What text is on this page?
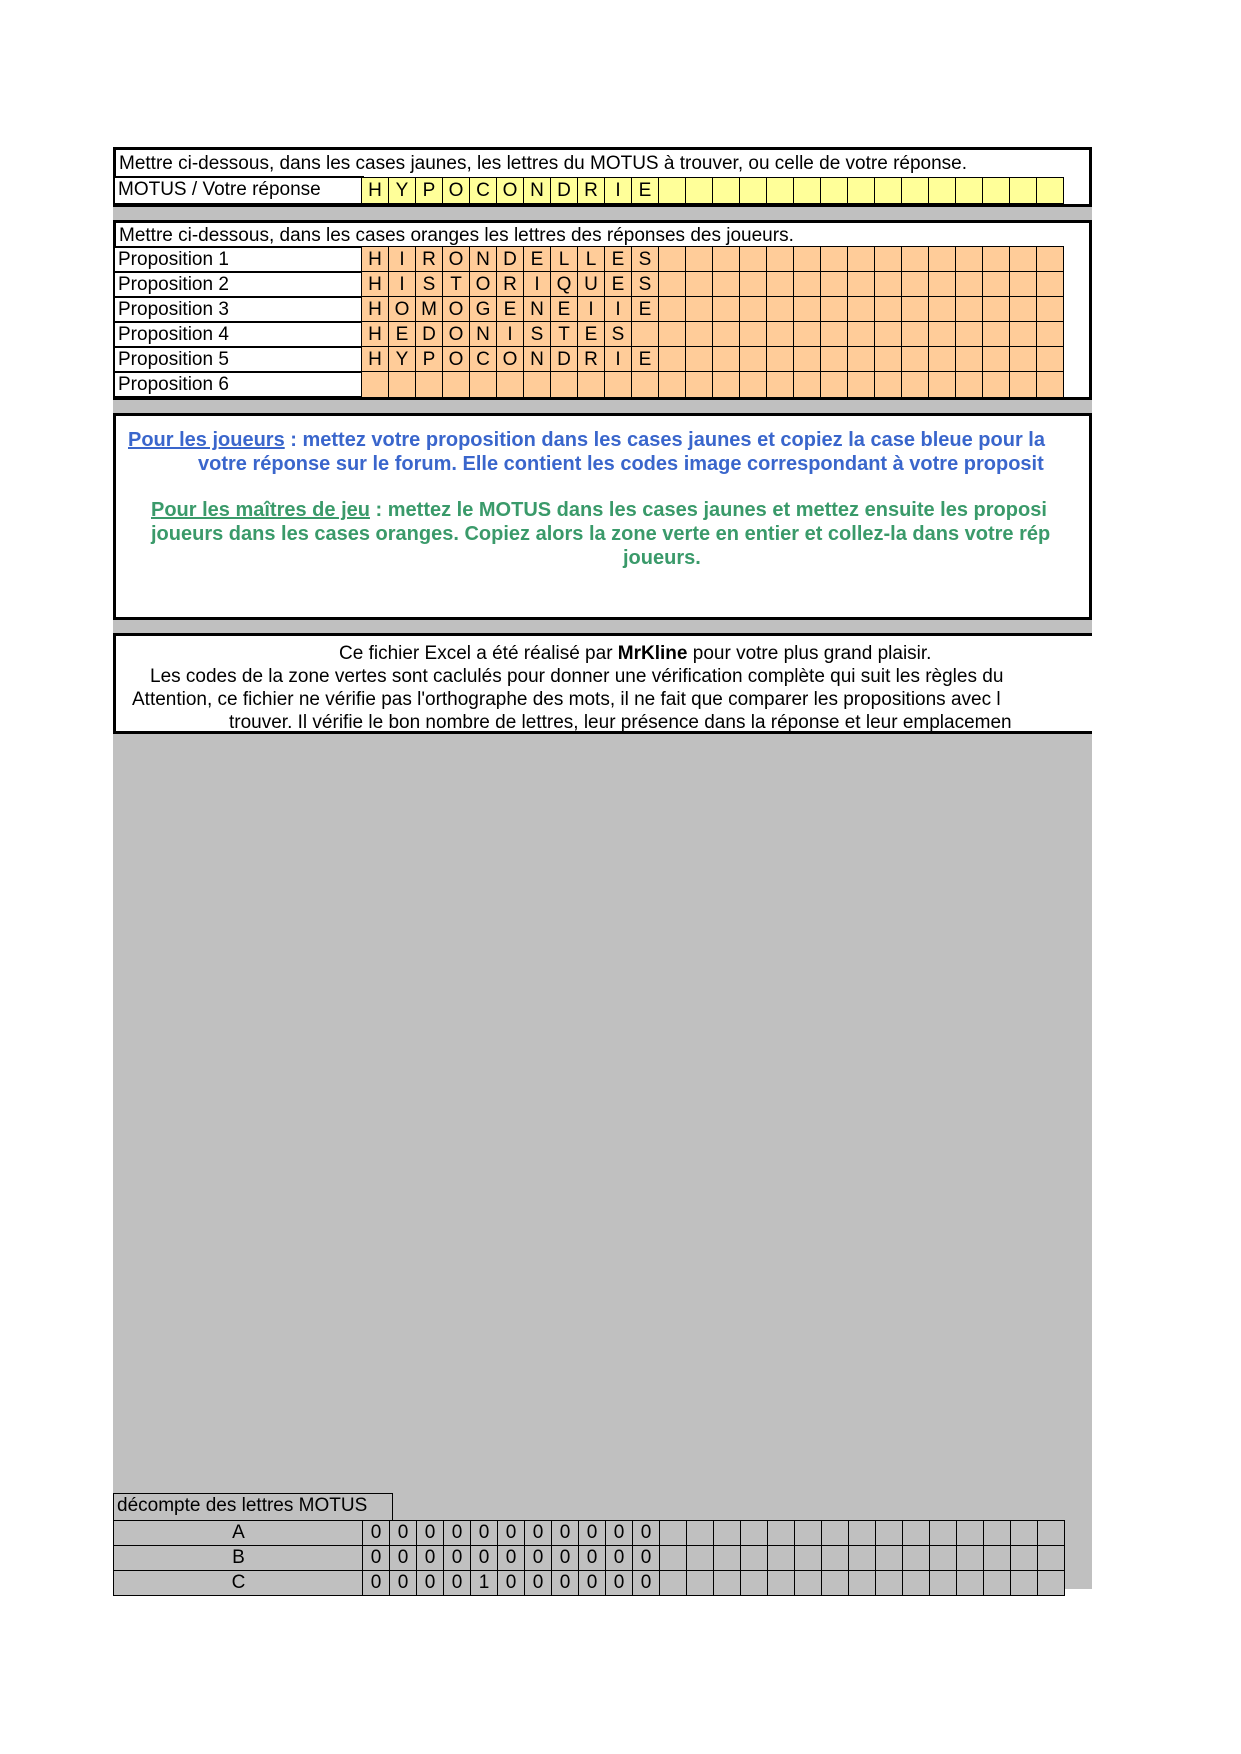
Mettre ci-dessous, dans les cases jaunes, les lettres du MOTUS à trouver, ou celle de votre réponse.
MOTUS / Votre réponse	H Y P O C O N D R I E
Mettre ci-dessous, dans les cases oranges les lettres des réponses des joueurs.
Proposition 1	H I R O N D E L L E S
Proposition 2	H I S T O R I Q U E S
Proposition 3	H O M O G E N E I	I E
Proposition 4	H E D O N I S T E S
Proposition 5	H Y P O C O N D R I E
Proposition 6
Pour les joueurs : mettez votre proposition dans les cases jaunes et copiez la case bleue pour la
votre réponse sur le forum. Elle contient les codes image correspondant à votre proposit
Pour les maîtres de jeu : mettez le MOTUS dans les cases jaunes et mettez ensuite les proposi
joueurs dans les cases oranges. Copiez alors la zone verte en entier et collez-la dans votre rép
joueurs.
Ce fichier Excel a été réalisé par MrKline pour votre plus grand plaisir.
Les codes de la zone vertes sont caclulés pour donner une vérification complète qui suit les règles du
Attention, ce fichier ne vérifie pas l'orthographe des mots, il ne fait que comparer les propositions avec l
trouver. Il vérifie le bon nombre de lettres, leur présence dans la réponse et leur emplacemen
décompte des lettres MOTUS
A	0 0 0 0 0 0 0 0 0 0 0
B	0 0 0 0 0 0 0 0 0 0 0
C	0 0 0 0 1 0 0 0 0 0 0
